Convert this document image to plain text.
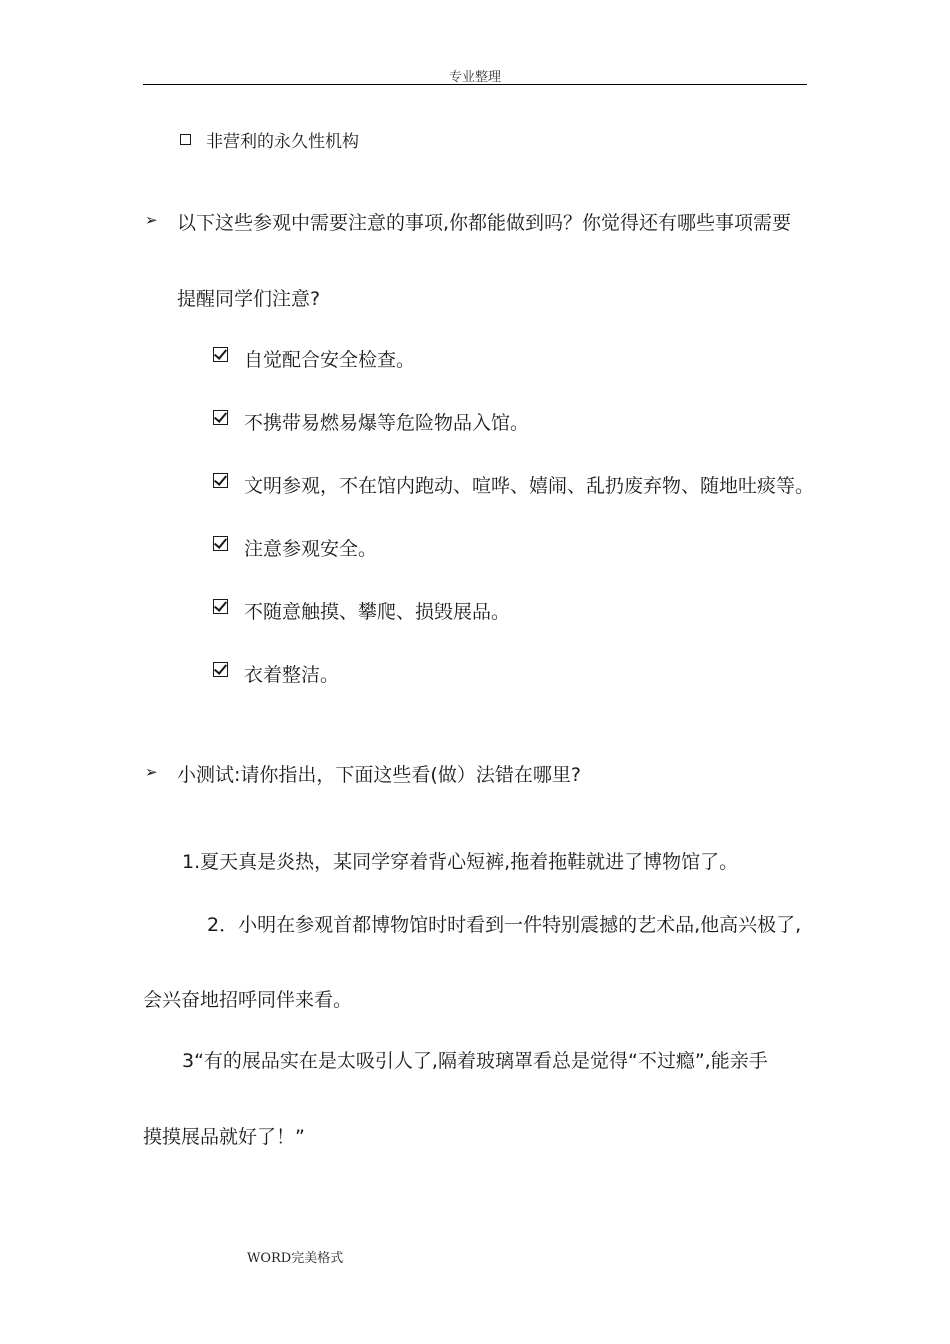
专业整理
非营利的永久性机构
➢ 以下这些参观中需要注意的事项,你都能做到吗？你觉得还有哪些事项需要
提醒同学们注意?
自觉配合安全检查。
不携带易燃易爆等危险物品入馆。
文明参观，不在馆内跑动、喧哗、嬉闹、乱扔废弃物、随地吐痰等。
注意参观安全。
不随意触摸、攀爬、损毁展品。
衣着整洁。
➢ 小测试:请你指出，下面这些看(做）法错在哪里?
1.夏天真是炎热，某同学穿着背心短裤,拖着拖鞋就进了博物馆了。
2．小明在参观首都博物馆时时看到一件特别震撼的艺术品,他高兴极了,
会兴奋地招呼同伴来看。
3“有的展品实在是太吸引人了,隔着玻璃罩看总是觉得“不过瘾”,能亲手
摸摸展品就好了！”
WORD完美格式
